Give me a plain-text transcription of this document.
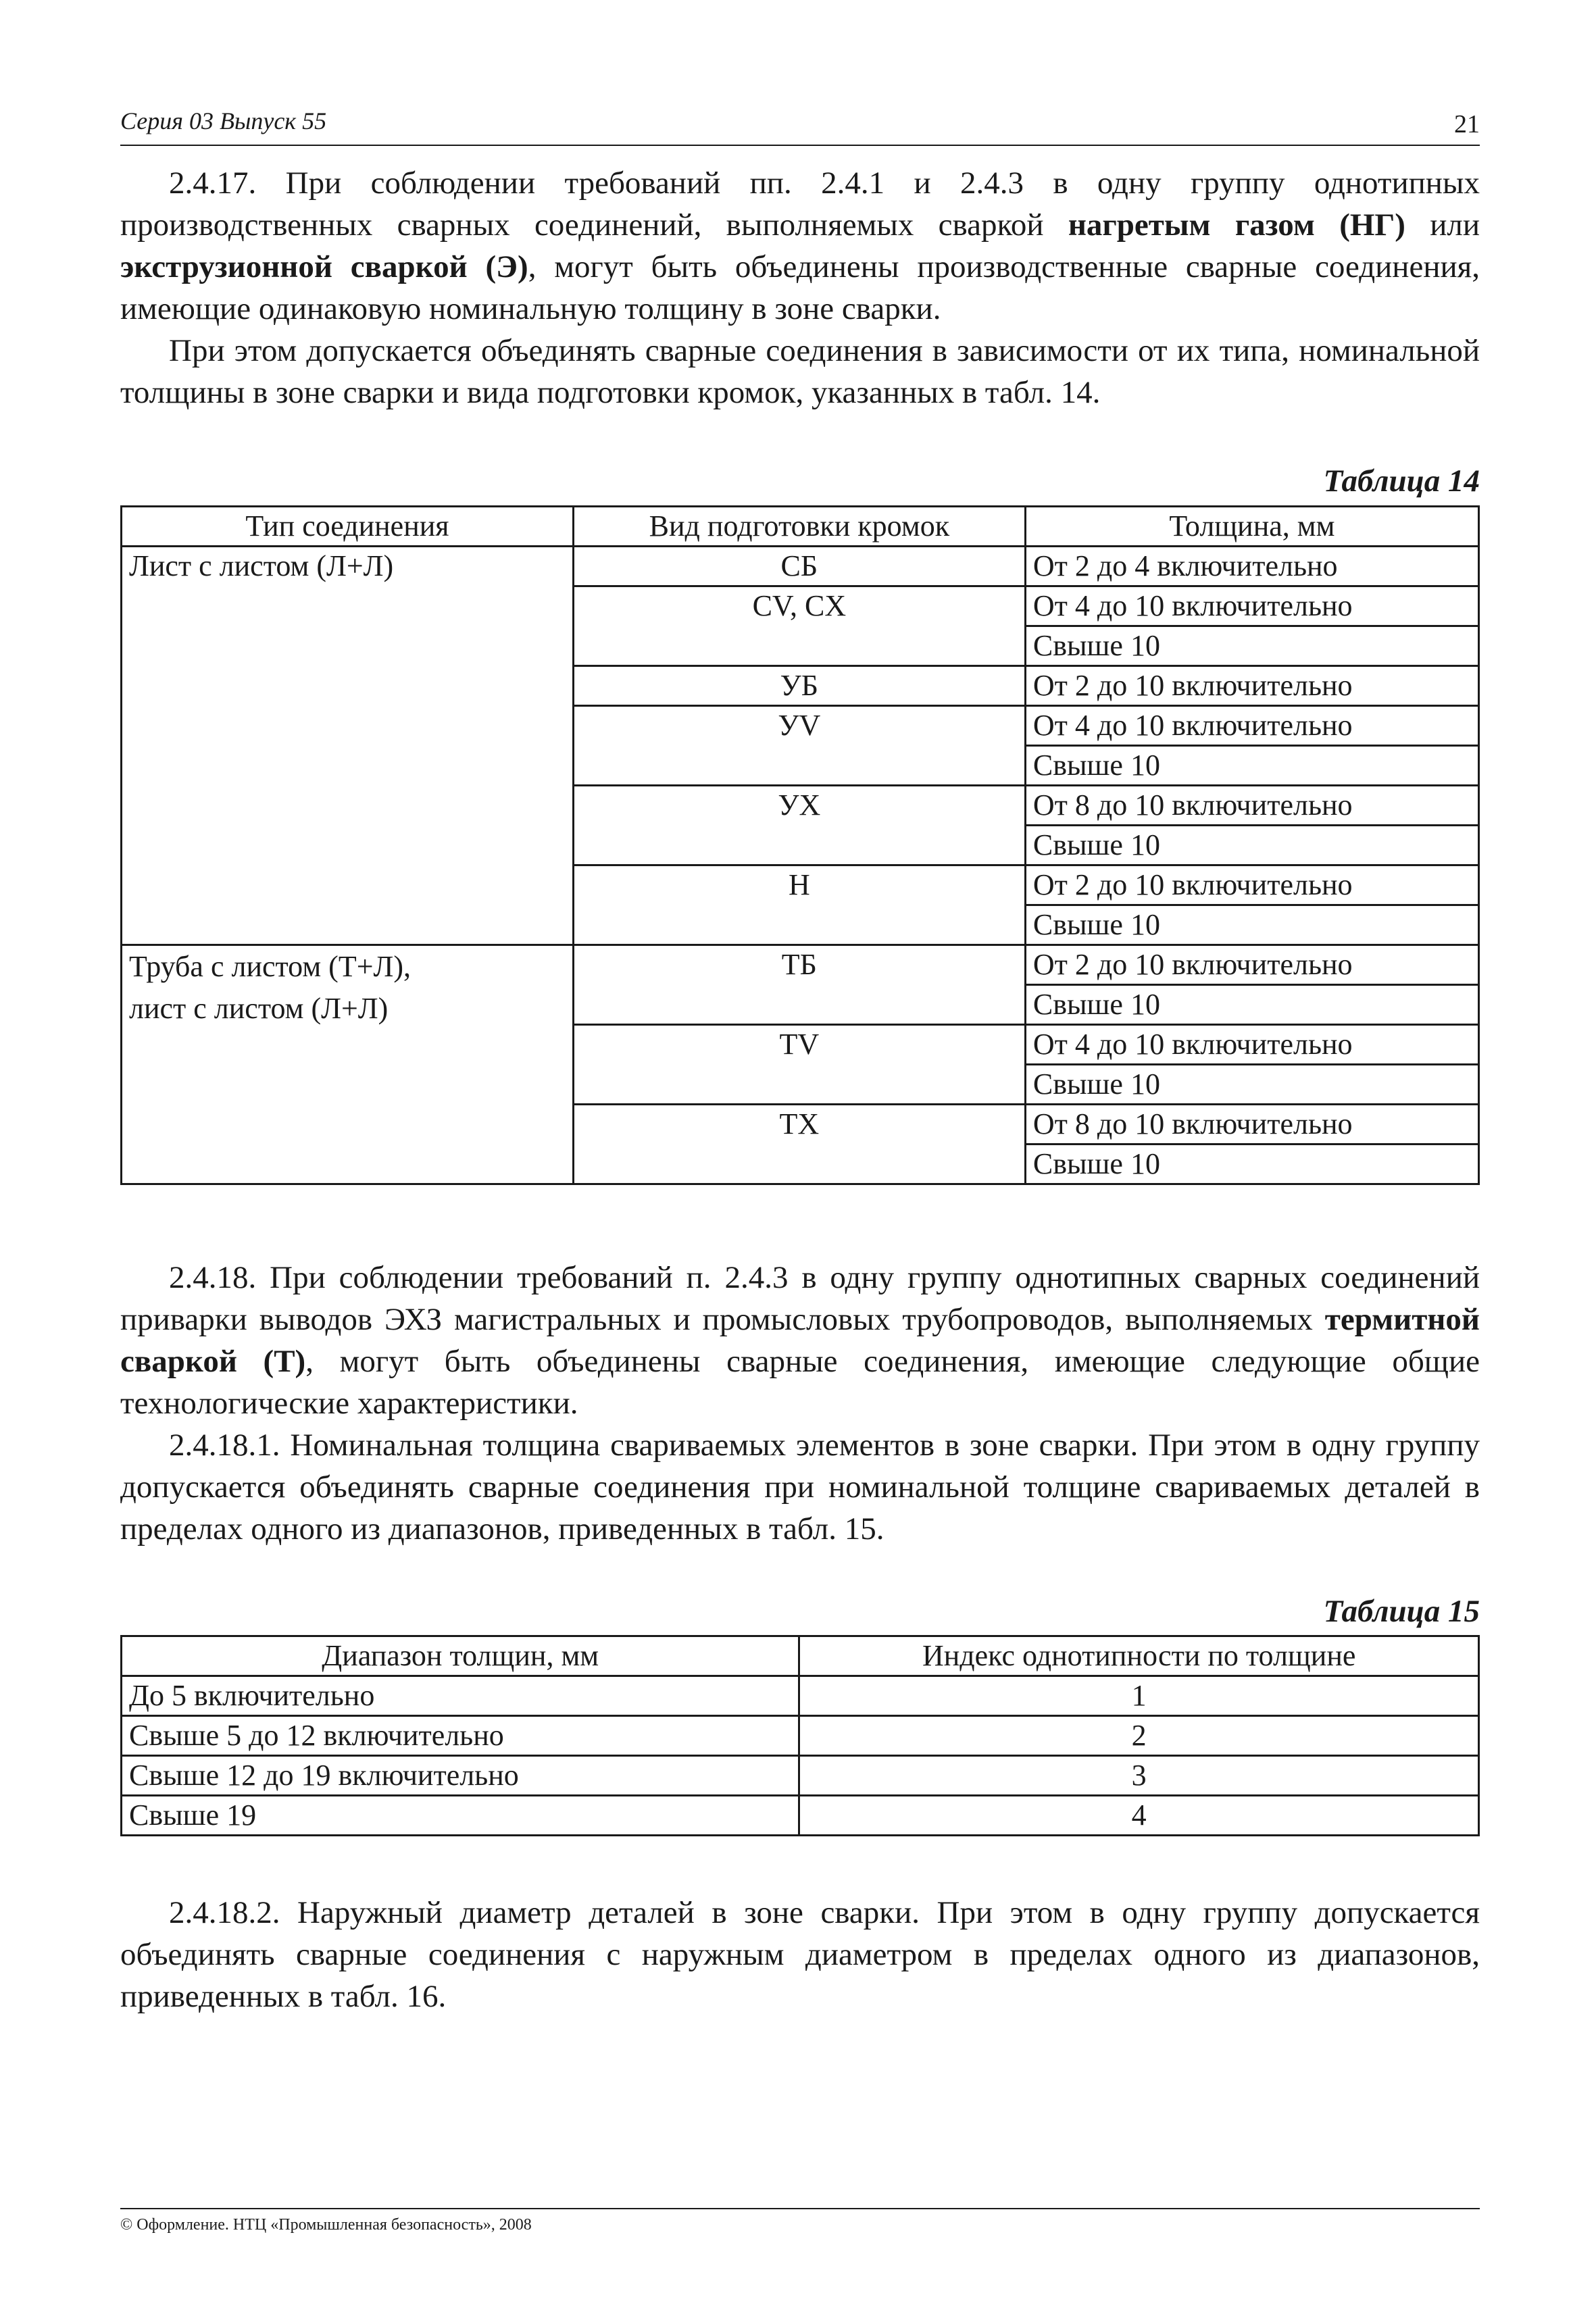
Серия 03 Выпуск 55	21

2.4.17. При соблюдении требований пп. 2.4.1 и 2.4.3 в одну группу однотипных производственных сварных соединений, выполняемых сваркой нагретым газом (НГ) или экструзионной сваркой (Э), могут быть объединены производственные сварные соединения, имеющие одинаковую номинальную толщину в зоне сварки.

При этом допускается объединять сварные соединения в зависимости от их типа, номинальной толщины в зоне сварки и вида подготовки кромок, указанных в табл. 14.

Таблица 14
Тип соединения	Вид подготовки кромок	Толщина, мм
Лист с листом (Л+Л)	СБ	От 2 до 4 включительно
	CV, CX	От 4 до 10 включительно
		Свыше 10
	УБ	От 2 до 10 включительно
	УV	От 4 до 10 включительно
		Свыше 10
	УХ	От 8 до 10 включительно
		Свыше 10
	Н	От 2 до 10 включительно
		Свыше 10

Труба с листом (Т+Л),
лист с листом (Л+Л)	ТБ	От 2 до 10 включительно
		Свыше 10
	ТV	От 4 до 10 включительно
		Свыше 10
	ТХ	От 8 до 10 включительно
		Свыше 10

2.4.18. При соблюдении требований п. 2.4.3 в одну группу однотипных сварных соединений приварки выводов ЭХЗ магистральных и промысловых трубопроводов, выполняемых термитной сваркой (Т), могут быть объединены сварные соединения, имеющие следующие общие технологические характеристики.

2.4.18.1. Номинальная толщина свариваемых элементов в зоне сварки. При этом в одну группу допускается объединять сварные соединения при номинальной толщине свариваемых деталей в пределах одного из диапазонов, приведенных в табл. 15.

Таблица 15
Диапазон толщин, мм	Индекс однотипности по толщине
До 5 включительно	1
Свыше 5 до 12 включительно	2
Свыше 12 до 19 включительно	3
Свыше 19	4

2.4.18.2. Наружный диаметр деталей в зоне сварки. При этом в одну группу допускается объединять сварные соединения с наружным диаметром в пределах одного из диапазонов, приведенных в табл. 16.

© Оформление. НТЦ «Промышленная безопасность», 2008
